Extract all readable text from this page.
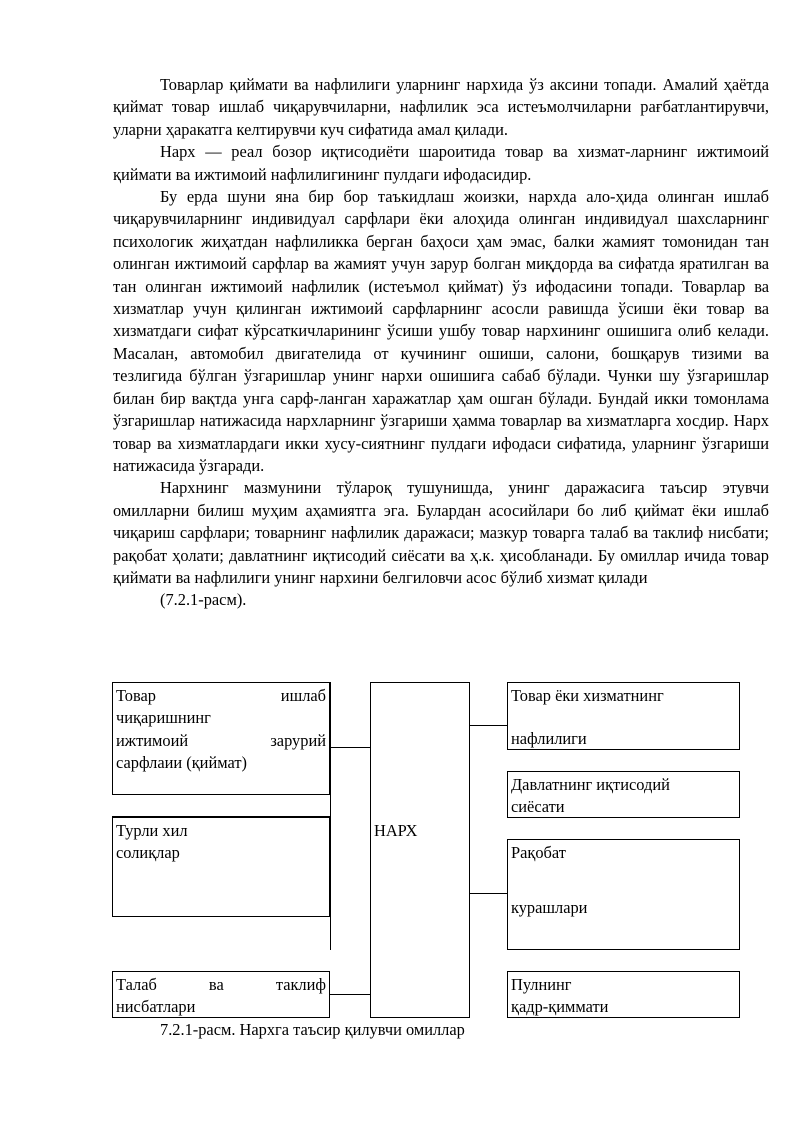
Товарлар қиймати ва нафлилиги уларнинг нархида ўз аксини топади. Амалий ҳаётда қиймат товар ишлаб чиқарувчиларни, нафлилик эса истеъмолчиларни рағбатлантирувчи, уларни ҳаракатга келтирувчи куч сифатида амал қилади.

Нарх — реал бозор иқтисодиёти шароитида товар ва хизмат-ларнинг ижтимоий қиймати ва ижтимоий нафлилигининг пулдаги ифодасидир.

Бу ерда шуни яна бир бор таъкидлаш жоизки, нархда ало-ҳида олинган ишлаб чиқарувчиларнинг индивидуал сарфлари ёки алоҳида олинган индивидуал шахсларнинг психологик жиҳатдан нафлиликка берган баҳоси ҳам эмас, балки жамият томонидан тан олинган ижтимоий сарфлар ва жамият учун зарур болган миқдорда ва сифатда яратилган ва тан олинган ижтимоий нафлилик (истеъмол қиймат) ўз ифодасини топади. Товарлар ва хизматлар учун қилинган ижтимоий сарфларнинг асосли равишда ўсиши ёки товар ва хизматдаги сифат кўрсаткичларининг ўсиши ушбу товар нархининг ошишига олиб келади. Масалан, автомобил двигателида от кучининг ошиши, салони, бошқарув тизими ва тезлигида бўлган ўзгаришлар унинг нархи ошишига сабаб бўлади. Чунки шу ўзгаришлар билан бир вақтда унга сарф-ланган харажатлар ҳам ошган бўлади. Бундай икки томонлама ўзгаришлар натижасида нархларнинг ўзгариши ҳамма товарлар ва хизматларга хосдир. Нарх товар ва хизматлардаги икки хусу-сиятнинг пулдаги ифодаси сифатида, уларнинг ўзгариши натижасида ўзгаради.

Нархнинг мазмунини тўлароқ тушунишда, унинг даражасига таъсир этувчи омилларни билиш муҳим аҳамиятга эга. Булардан асосийлари бо либ қиймат ёки ишлаб чиқариш сарфлари; товарнинг нафлилик даражаси; мазкур товарга талаб ва таклиф нисбати; рақобат ҳолати; давлатнинг иқтисодий сиёсати ва ҳ.к. ҳисобланади. Бу омиллар ичида товар қиймати ва нафлилиги унинг нархини белгиловчи асос бўлиб хизмат қилади

(7.2.1-расм).

Товар ишлаб
чиқаришнинг
ижтимоий зарурий
сарфлаии (қиймат)
Турли хил
солиқлар
Талаб ва таклиф
нисбатлари
НАРХ
Товар ёки хизматнинг
нафлилиги
Давлатнинг иқтисодий
сиёсати
Рақобат
курашлари
Пулнинг
қадр-қиммати
7.2.1-расм. Нархга таъсир қилувчи омиллар
